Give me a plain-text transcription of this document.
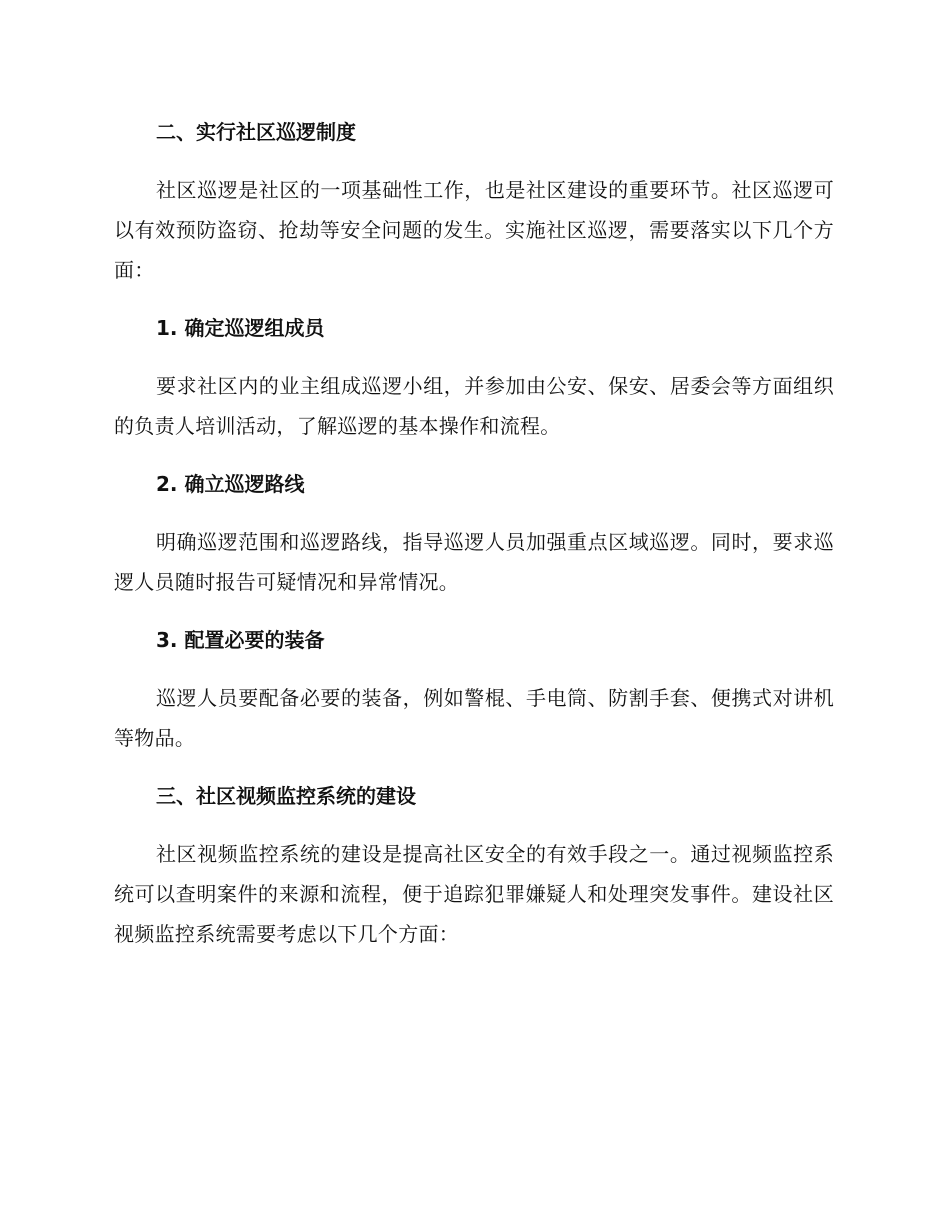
二、实行社区巡逻制度

社区巡逻是社区的一项基础性工作，也是社区建设的重要环节。社区巡逻可以有效预防盗窃、抢劫等安全问题的发生。实施社区巡逻，需要落实以下几个方面：

1. 确定巡逻组成员

要求社区内的业主组成巡逻小组，并参加由公安、保安、居委会等方面组织的负责人培训活动，了解巡逻的基本操作和流程。

2. 确立巡逻路线

明确巡逻范围和巡逻路线，指导巡逻人员加强重点区域巡逻。同时，要求巡逻人员随时报告可疑情况和异常情况。

3. 配置必要的装备

巡逻人员要配备必要的装备，例如警棍、手电筒、防割手套、便携式对讲机等物品。

三、社区视频监控系统的建设

社区视频监控系统的建设是提高社区安全的有效手段之一。通过视频监控系统可以查明案件的来源和流程，便于追踪犯罪嫌疑人和处理突发事件。建设社区视频监控系统需要考虑以下几个方面：
